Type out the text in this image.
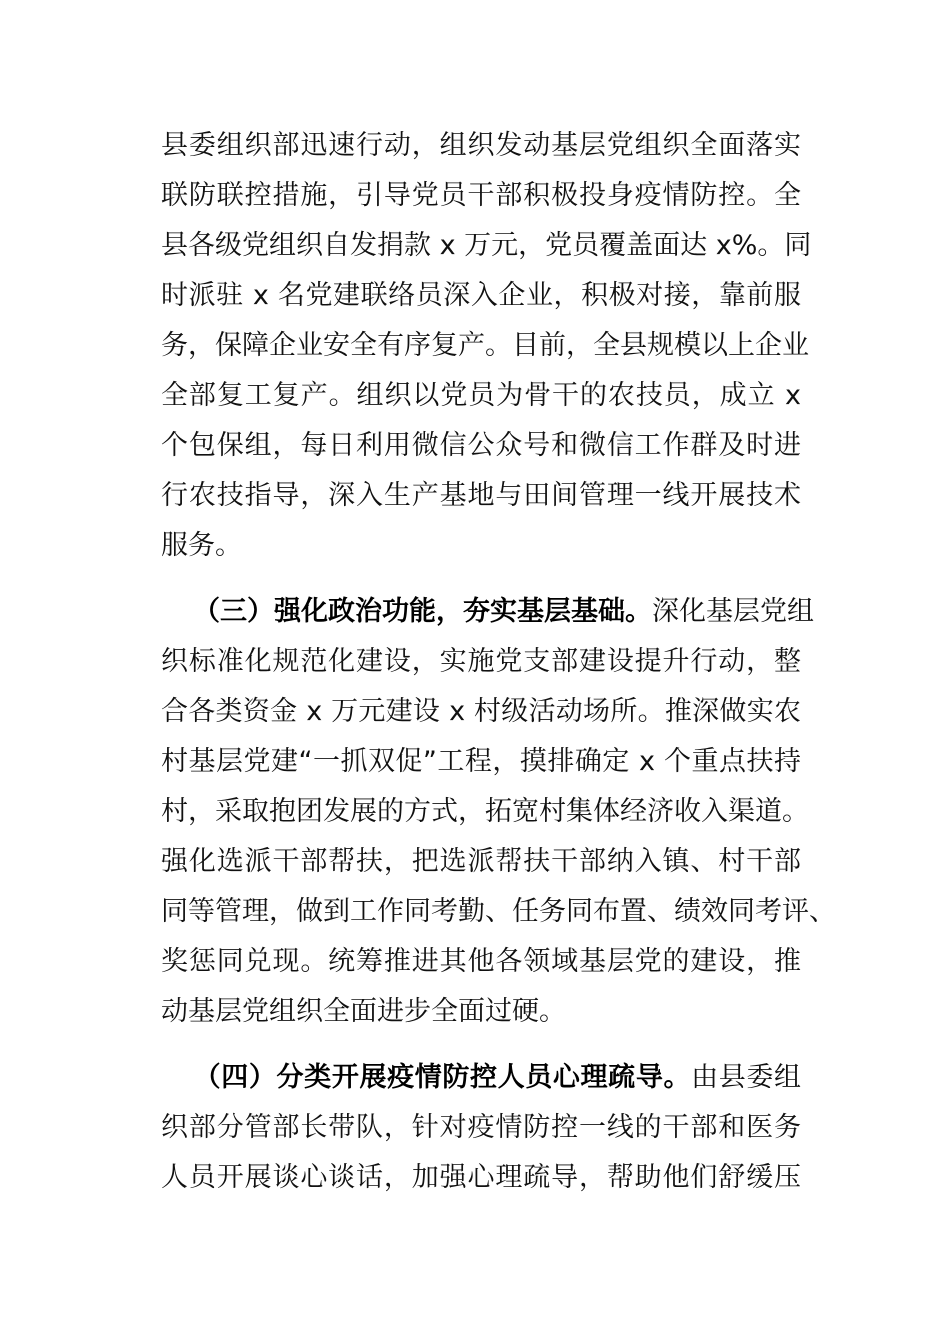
县委组织部迅速行动，组织发动基层党组织全面落实
联防联控措施，引导党员干部积极投身疫情防控。全
县各级党组织自发捐款 x 万元，党员覆盖面达 x%。同
时派驻 x 名党建联络员深入企业，积极对接，靠前服
务，保障企业安全有序复产。目前，全县规模以上企业
全部复工复产。组织以党员为骨干的农技员，成立 x
个包保组，每日利用微信公众号和微信工作群及时进
行农技指导，深入生产基地与田间管理一线开展技术
服务。
（三）强化政治功能，夯实基层基础。深化基层党组
织标准化规范化建设，实施党支部建设提升行动，整
合各类资金 x 万元建设 x 村级活动场所。推深做实农
村基层党建“一抓双促”工程，摸排确定 x 个重点扶持
村，采取抱团发展的方式，拓宽村集体经济收入渠道。
强化选派干部帮扶，把选派帮扶干部纳入镇、村干部
同等管理，做到工作同考勤、任务同布置、绩效同考评、
奖惩同兑现。统筹推进其他各领域基层党的建设，推
动基层党组织全面进步全面过硬。
（四）分类开展疫情防控人员心理疏导。由县委组
织部分管部长带队，针对疫情防控一线的干部和医务
人员开展谈心谈话，加强心理疏导，帮助他们舒缓压
